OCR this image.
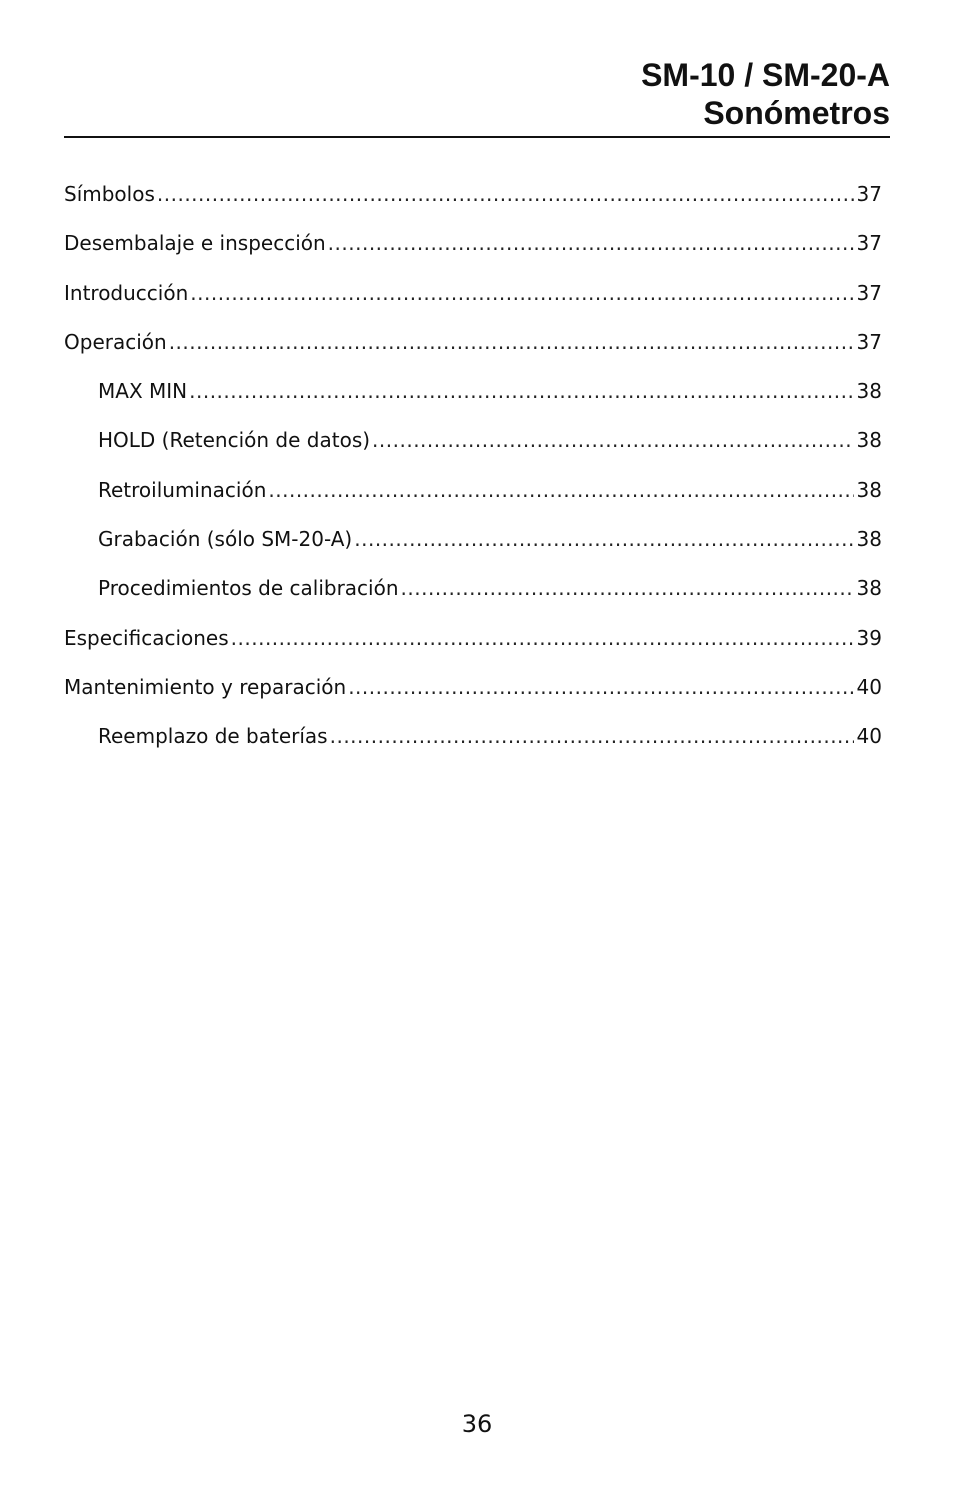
SM-10 / SM-20-A
Sonómetros
Símbolos .....	37
Desembalaje e inspección .....	37
Introducción .....	37
Operación .....	37
MAX MIN .....	38
HOLD (Retención de datos) .....	38
Retroiluminación .....	38
Grabación (sólo SM-20-A) .....	38
Procedimientos de calibración .....	38
Especificaciones .....	39
Mantenimiento y reparación .....	40
Reemplazo de baterías .....	40
36
